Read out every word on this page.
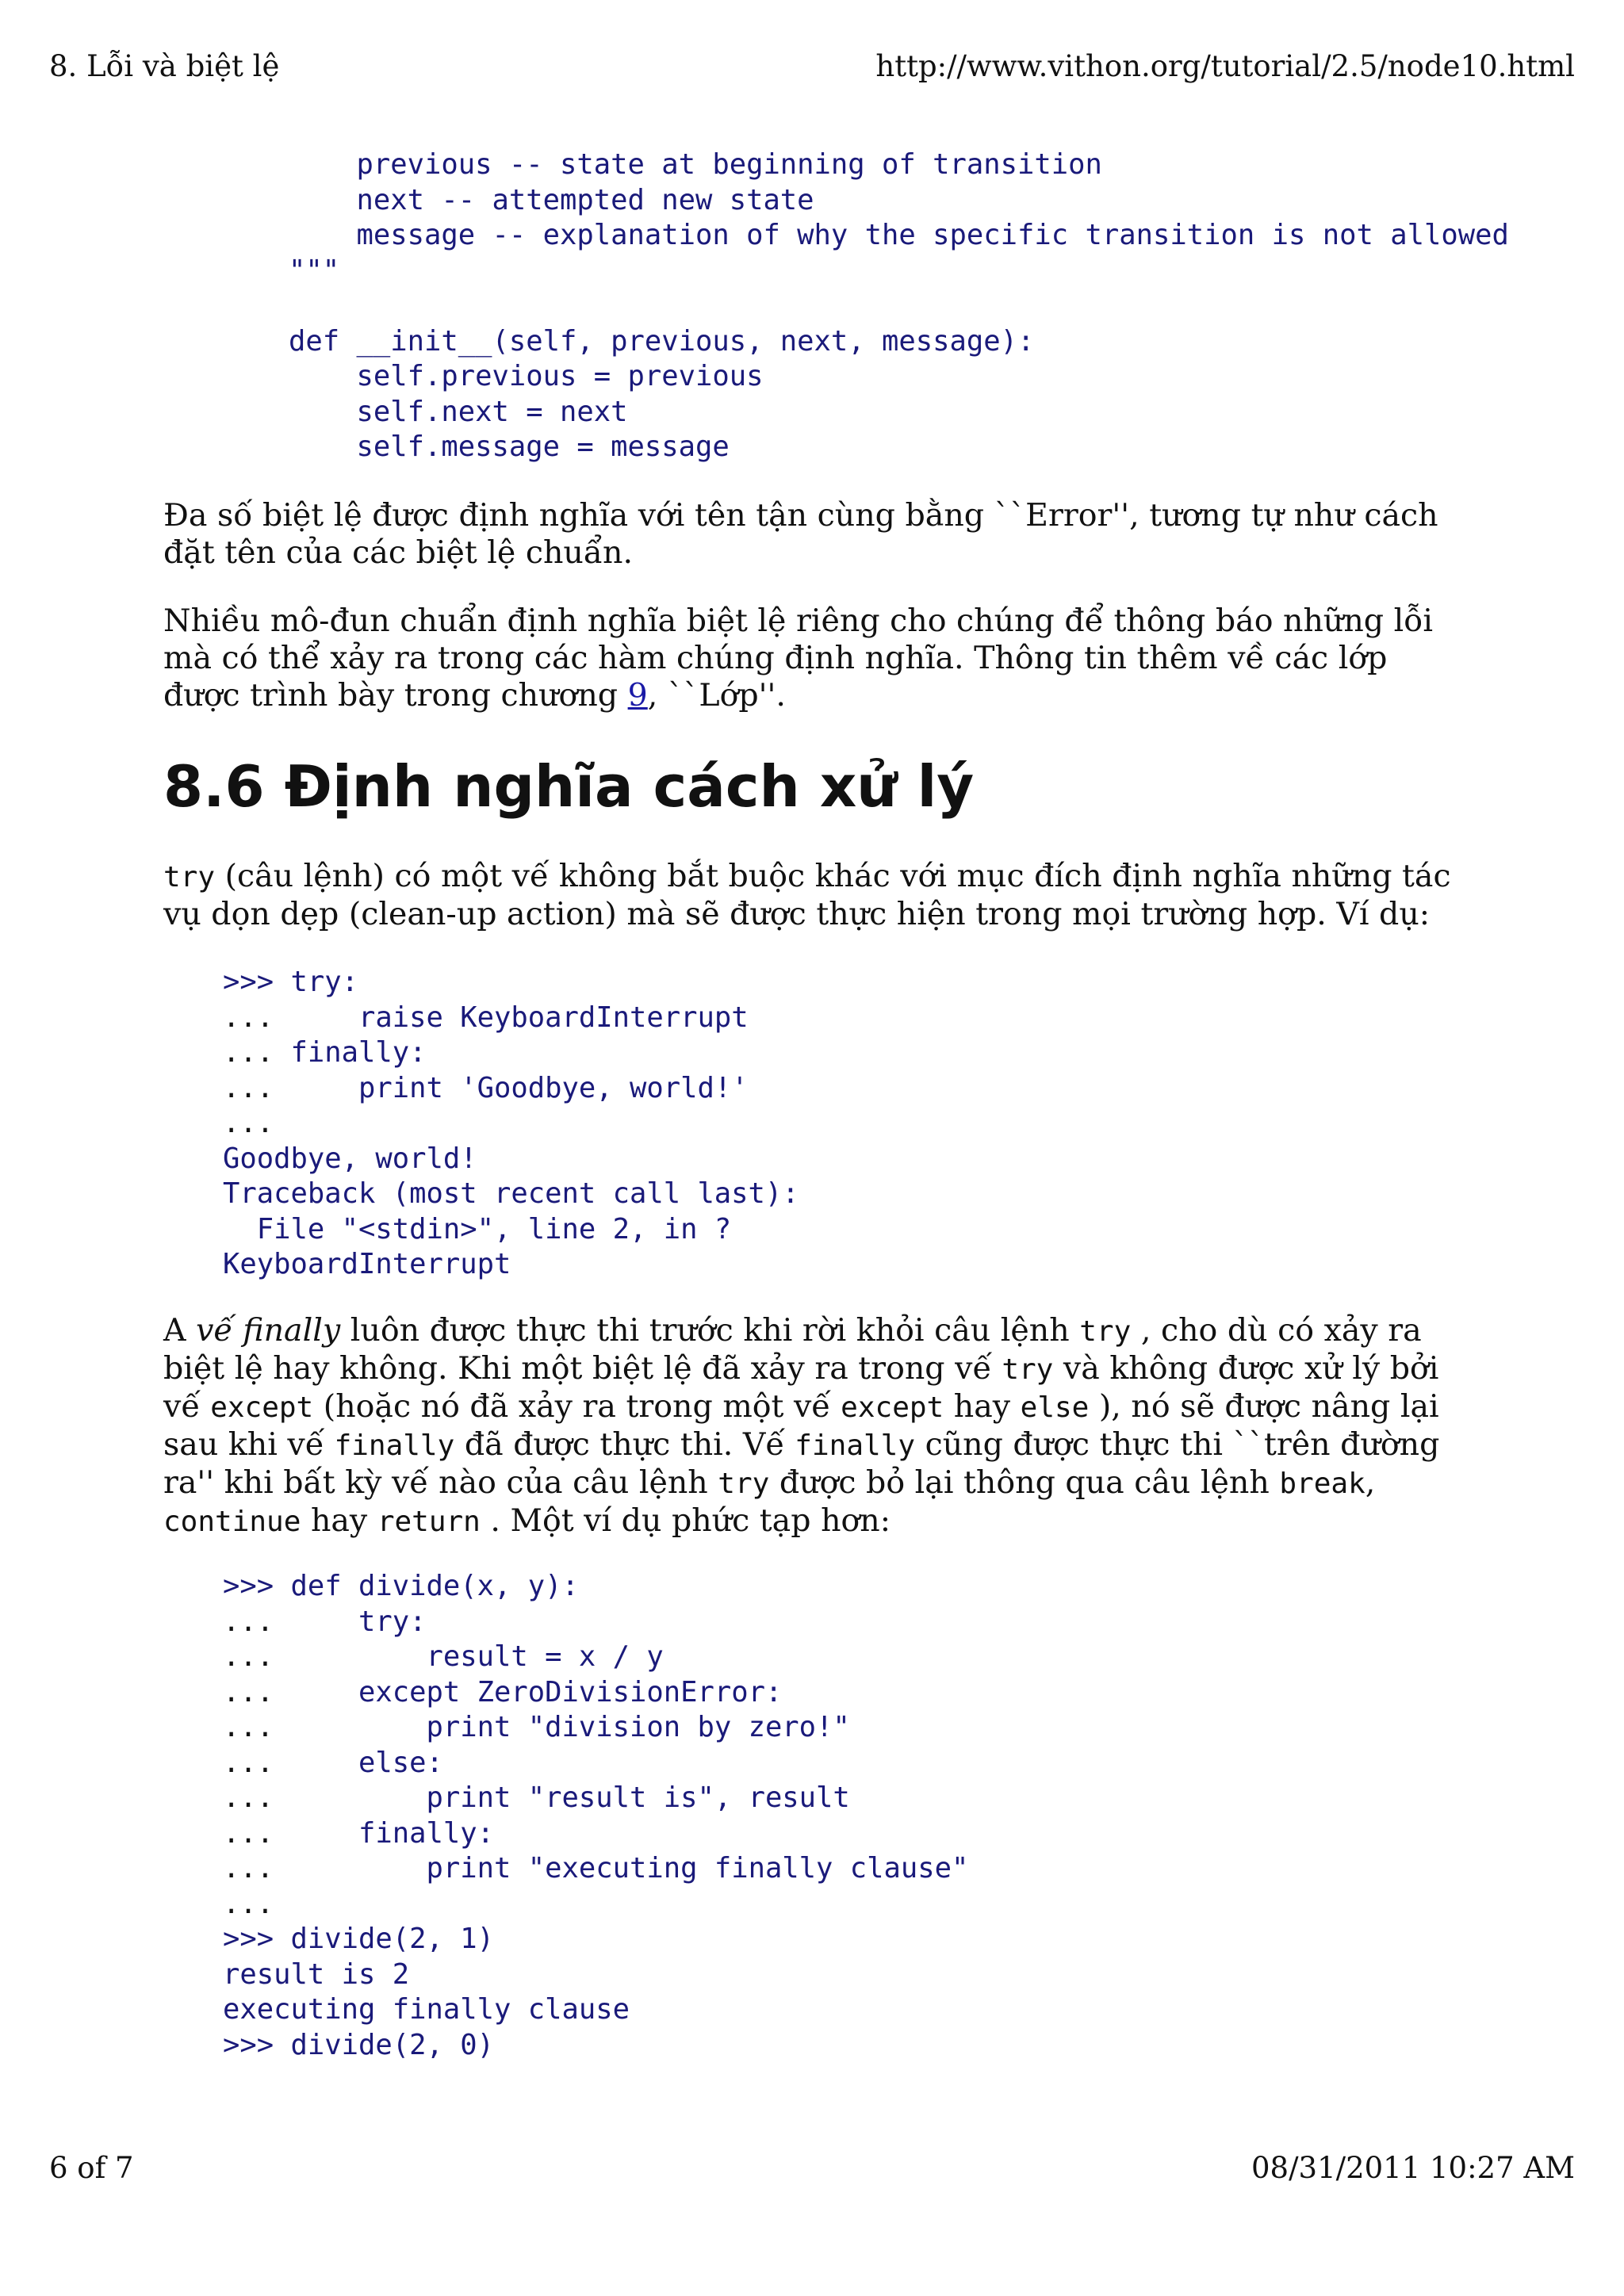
8. Lỗi và biệt lệ	http://www.vithon.org/tutorial/2.5/node10.html
previous -- state at beginning of transition
next -- attempted new state
message -- explanation of why the specific transition is not allowed
"""
def __init__(self, previous, next, message):
self.previous = previous
self.next = next
self.message = message

Đa số biệt lệ được định nghĩa với tên tận cùng bằng ``Error'', tương tự như cách đặt tên của các biệt lệ chuẩn.

Nhiều mô-đun chuẩn định nghĩa biệt lệ riêng cho chúng để thông báo những lỗi mà có thể xảy ra trong các hàm chúng định nghĩa. Thông tin thêm về các lớp được trình bày trong chương 9, ``Lớp''.

8.6 Định nghĩa cách xử lý

try (câu lệnh) có một vế không bắt buộc khác với mục đích định nghĩa những tác vụ dọn dẹp (clean-up action) mà sẽ được thực hiện trong mọi trường hợp. Ví dụ:

>>> try:
...     raise KeyboardInterrupt
... finally:
...     print 'Goodbye, world!'
...
Goodbye, world!
Traceback (most recent call last):
File "<stdin>", line 2, in ?
KeyboardInterrupt

A vế finally luôn được thực thi trước khi rời khỏi câu lệnh try , cho dù có xảy ra biệt lệ hay không. Khi một biệt lệ đã xảy ra trong vế try và không được xử lý bởi vế except (hoặc nó đã xảy ra trong một vế except hay else ), nó sẽ được nâng lại sau khi vế finally đã được thực thi. Vế finally cũng được thực thi ``trên đường ra'' khi bất kỳ vế nào của câu lệnh try được bỏ lại thông qua câu lệnh break, continue hay return . Một ví dụ phức tạp hơn:

>>> def divide(x, y):
...     try:
...         result = x / y
...     except ZeroDivisionError:
...         print "division by zero!"
...     else:
...         print "result is", result
...     finally:
...         print "executing finally clause"
...
>>> divide(2, 1)
result is 2
executing finally clause
>>> divide(2, 0)
6 of 7	08/31/2011 10:27 AM
